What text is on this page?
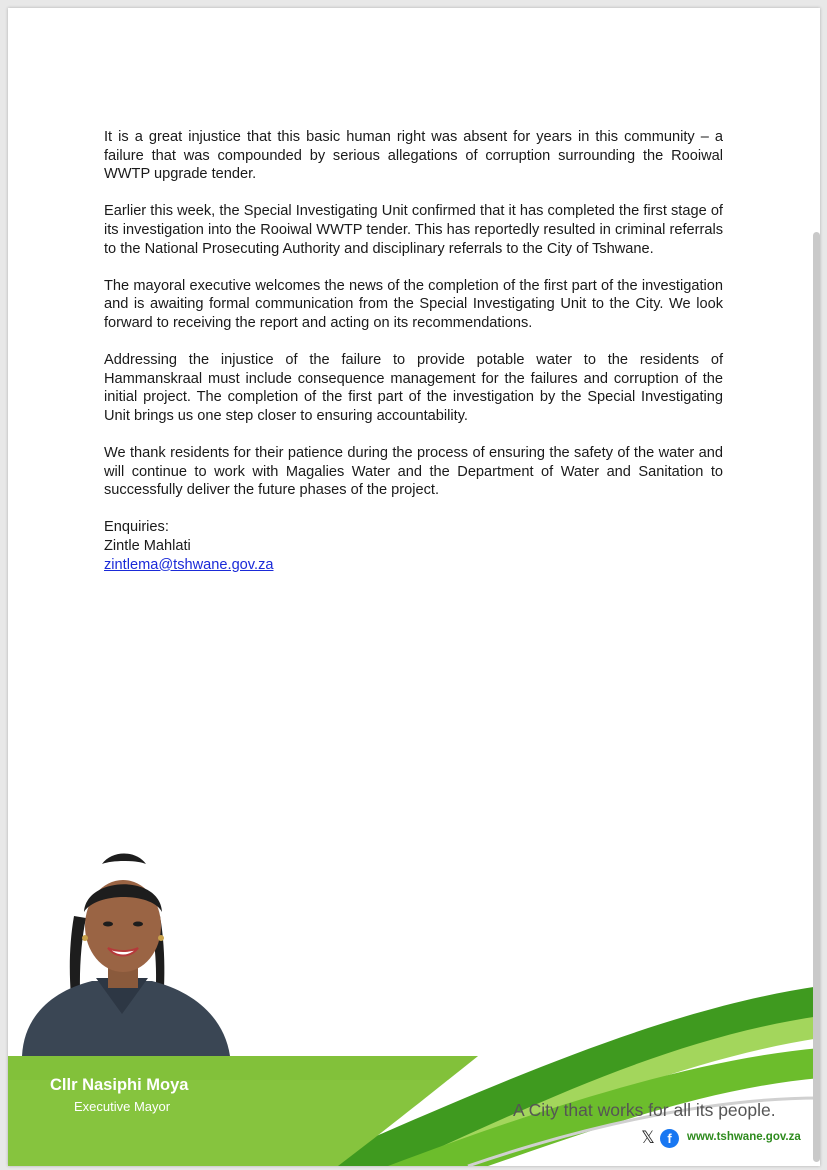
It is a great injustice that this basic human right was absent for years in this community – a failure that was compounded by serious allegations of corruption surrounding the Rooiwal WWTP upgrade tender.

Earlier this week, the Special Investigating Unit confirmed that it has completed the first stage of its investigation into the Rooiwal WWTP tender. This has reportedly resulted in criminal referrals to the National Prosecuting Authority and disciplinary referrals to the City of Tshwane.

The mayoral executive welcomes the news of the completion of the first part of the investigation and is awaiting formal communication from the Special Investigating Unit to the City. We look forward to receiving the report and acting on its recommendations.

Addressing the injustice of the failure to provide potable water to the residents of Hammanskraal must include consequence management for the failures and corruption of the initial project. The completion of the first part of the investigation by the Special Investigating Unit brings us one step closer to ensuring accountability.

We thank residents for their patience during the process of ensuring the safety of the water and will continue to work with Magalies Water and the Department of Water and Sanitation to successfully deliver the future phases of the project.

Enquiries:
Zintle Mahlati
zintlema@tshwane.gov.za
Cllr Nasiphi Moya
Executive Mayor	A City that works for all its people.
𝕏 f	www.tshwane.gov.za
